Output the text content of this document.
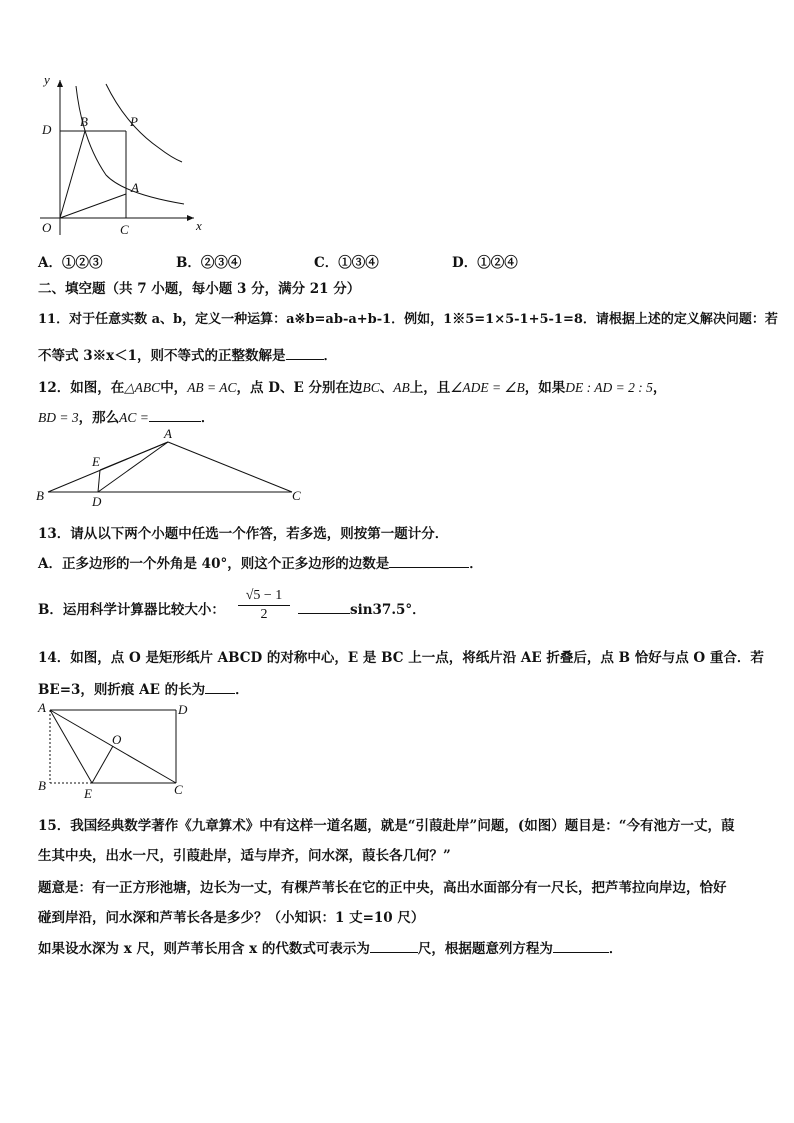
y
x
O
D
B	P
A
C
A．①②③	B．②③④	C．①③④	D．①②④
二、填空题（共 7 小题，每小题 3 分，满分 21 分）
11．对于任意实数 a、b，定义一种运算：a※b=ab-a+b-1．例如，1※5=1×5-1+5-1=8．请根据上述的定义解决问题：若
不等式 3※x＜1，则不等式的正整数解是	．
12．如图，在△ABC中，AB = AC，点 D、E 分别在边BC、AB上，且∠ADE = ∠B，如果DE : AD = 2 : 5，
BD = 3，那么AC =	．
A
E
B	D	C
13．请从以下两个小题中任选一个作答，若多选，则按第一题计分．
A．正多边形的一个外角是 40°，则这个正多边形的边数是	．
B．运用科学计算器比较大小： $\frac{√5 - 1}{2}$	sin37.5°．
14．如图，点 O 是矩形纸片 ABCD 的对称中心，E 是 BC 上一点，将纸片沿 AE 折叠后，点 B 恰好与点 O 重合．若
BE=3，则折痕 AE 的长为 ．
A	D
O
B
E	C
15．我国经典数学著作《九章算术》中有这样一道名题，就是“引葭赴岸”问题，(如图）题目是：“今有池方一丈，葭
生其中央，出水一尺，引葭赴岸，适与岸齐，问水深，葭长各几何？”
题意是：有一正方形池塘，边长为一丈，有棵芦苇长在它的正中央，高出水面部分有一尺长，把芦苇拉向岸边，恰好
碰到岸沿，问水深和芦苇长各是多少？（小知识：1 丈=10 尺）
如果设水深为 x 尺，则芦苇长用含 x 的代数式可表示为	尺，根据题意列方程为	．
